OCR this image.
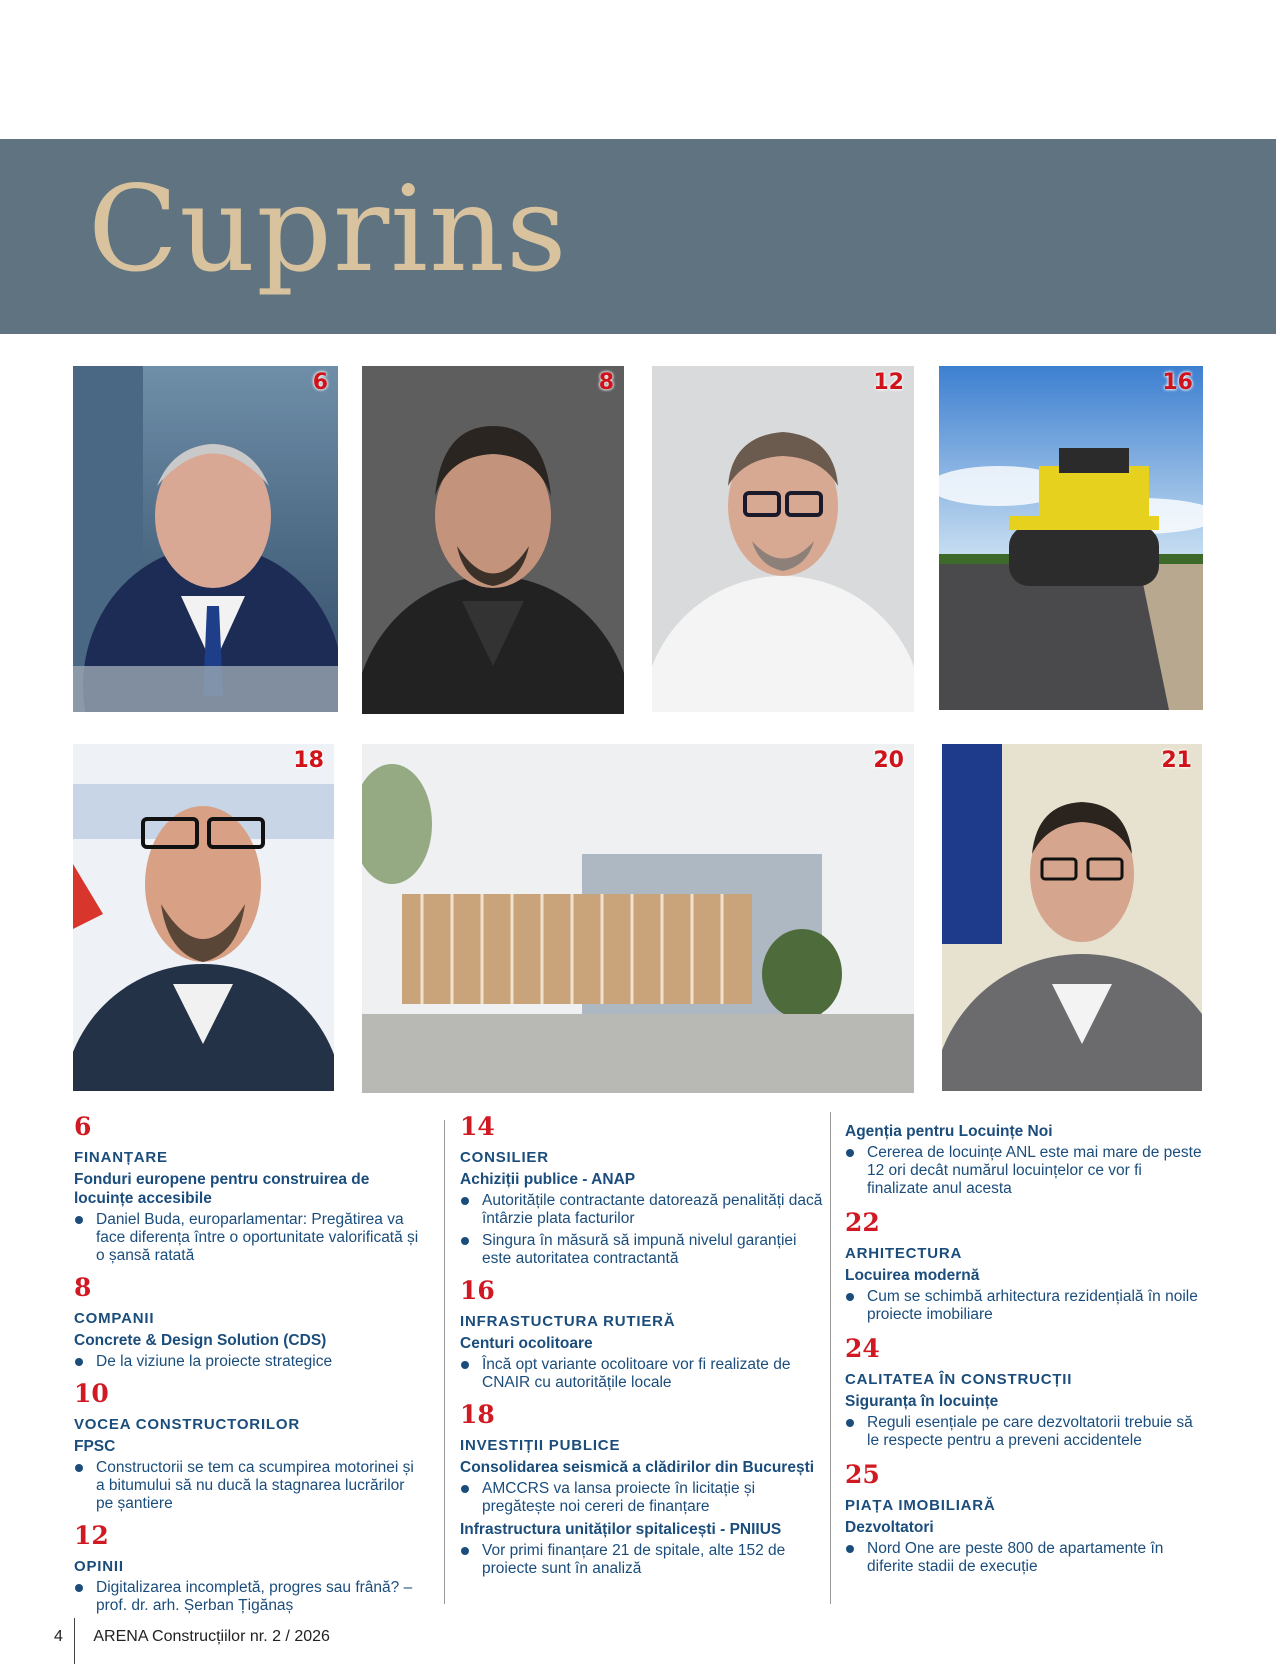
Cuprins
6	8	12	16
18	20	21
6
FINANȚARE
Fonduri europene pentru construirea de locuințe accesibile
Daniel Buda, europarlamentar: Pregătirea va face diferența între o oportunitate valorificată și o șansă ratată
8
COMPANII
Concrete & Design Solution (CDS)
De la viziune la proiecte strategice
10
VOCEA CONSTRUCTORILOR
FPSC
Constructorii se tem ca scumpirea motorinei și a bitumului să nu ducă la stagnarea lucrărilor pe șantiere
12
OPINII
Digitalizarea incompletă, progres sau frână? – prof. dr. arh. Șerban Țigănaș
14
CONSILIER
Achiziții publice - ANAP
Autoritățile contractante datorează penalități dacă întârzie plata facturilor
Singura în măsură să impună nivelul garanției este autoritatea contractantă
16
INFRASTUCTURA RUTIERĂ
Centuri ocolitoare
Încă opt variante ocolitoare vor fi realizate de CNAIR cu autoritățile locale
18
INVESTIȚII PUBLICE
Consolidarea seismică a clădirilor din București
AMCCRS va lansa proiecte în licitație și pregătește noi cereri de finanțare
Infrastructura unităților spitalicești - PNIIUS
Vor primi finanțare 21 de spitale, alte 152 de proiecte sunt în analiză
Agenția pentru Locuințe Noi
Cererea de locuințe ANL este mai mare de peste 12 ori decât numărul locuințelor ce vor fi finalizate anul acesta
22
ARHITECTURA
Locuirea modernă
Cum se schimbă arhitectura rezidențială în noile proiecte imobiliare
24
CALITATEA ÎN CONSTRUCȚII
Siguranța în locuințe
Reguli esențiale pe care dezvoltatorii trebuie să le respecte pentru a preveni accidentele
25
PIAȚA IMOBILIARĂ
Dezvoltatori
Nord One are peste 800 de apartamente în diferite stadii de execuție
4 ARENA Construcțiilor nr. 2 / 2026
